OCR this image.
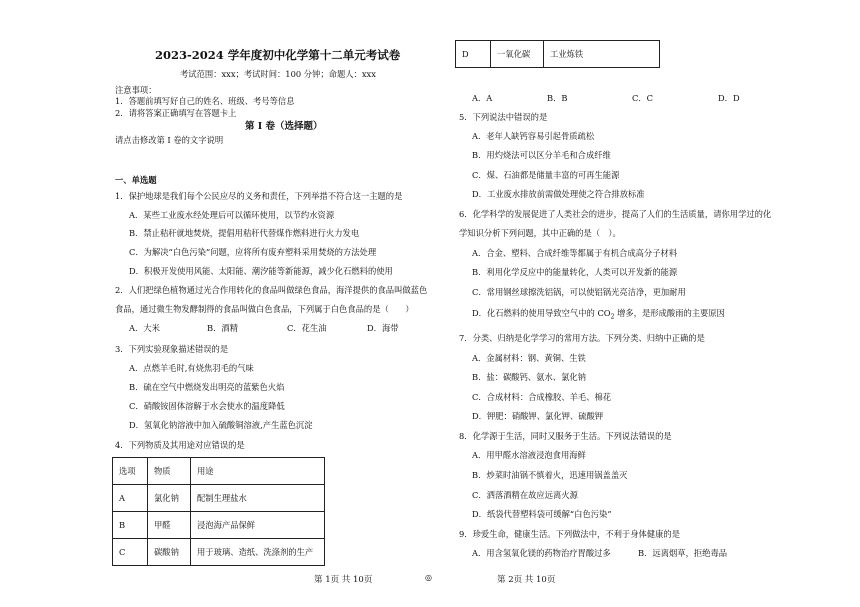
2023-2024 学年度初中化学第十二单元考试卷
考试范围：xxx；考试时间：100 分钟；命题人：xxx
注意事项：
1．答题前填写好自己的姓名、班级、考号等信息
2．请将答案正确填写在答题卡上
第 I 卷（选择题）
请点击修改第 I 卷的文字说明
一、单选题
1．保护地球是我们每个公民应尽的义务和责任，下列举措不符合这一主题的是
A．某些工业废水经处理后可以循环使用，以节约水资源
B．禁止秸秆就地焚烧，提倡用秸秆代替煤作燃料进行火力发电
C．为解决“白色污染”问题，应将所有废弃塑料采用焚烧的方法处理
D．积极开发使用风能、太阳能、潮汐能等新能源，减少化石燃料的使用
2．人们把绿色植物通过光合作用转化的食品叫做绿色食品，海洋提供的食品叫做蓝色
食品，通过微生物发酵制得的食品叫做白色食品，下列属于白色食品的是（　　）
A．大米	B．酒精	C．花生油	D．海带
3．下列实验现象描述错误的是
A．点燃羊毛时,有烧焦羽毛的气味
B．硫在空气中燃烧发出明亮的蓝紫色火焰
C．硝酸铵固体溶解于水会使水的温度降低
D．氢氧化钠溶液中加入硫酸铜溶液,产生蓝色沉淀
4．下列物质及其用途对应错误的是
选项	物质	用途
A	氯化钠	配制生理盐水
B	甲醛	浸泡海产品保鲜
C	碳酸钠	用于玻璃、造纸、洗涤剂的生产
D	一氧化碳	工业炼铁
A．A	B．B	C．C	D．D
5．下列说法中错误的是
A．老年人缺钙容易引起骨质疏松
B．用灼烧法可以区分羊毛和合成纤维
C．煤、石油都是储量丰富的可再生能源
D．工业废水排放前需做处理使之符合排放标准
6．化学科学的发展促进了人类社会的进步，提高了人们的生活质量，请你用学过的化
学知识分析下列问题，其中正确的是（　）。
A．合金、塑料、合成纤维等都属于有机合成高分子材料
B．利用化学反应中的能量转化，人类可以开发新的能源
C．常用钢丝球擦洗铝锅，可以使铝锅光亮洁净，更加耐用
D．化石燃料的使用导致空气中的 $CO_2$ 增多，是形成酸雨的主要原因
7．分类、归纳是化学学习的常用方法。下列分类、归纳中正确的是
A．金属材料：钢、黄铜、生铁
B．盐：碳酸钙、氨水、氯化钠
C．合成材料：合成橡胶、羊毛、棉花
D．钾肥：硝酸钾、氯化钾、硫酸钾
8．化学源于生活，同时又服务于生活。下列说法错误的是
A．用甲醛水溶液浸泡食用海鲜
B．炒菜时油锅不慎着火，迅速用锅盖盖灭
C．洒落酒精在故应远离火源
D．纸袋代替塑料袋可缓解“白色污染”
9．珍爱生命，健康生活。下列做法中，不利于身体健康的是
A．用含氢氧化镁的药物治疗胃酸过多	B．远离烟草，拒绝毒品
第 1页 共 10页	◎	第 2页 共 10页
